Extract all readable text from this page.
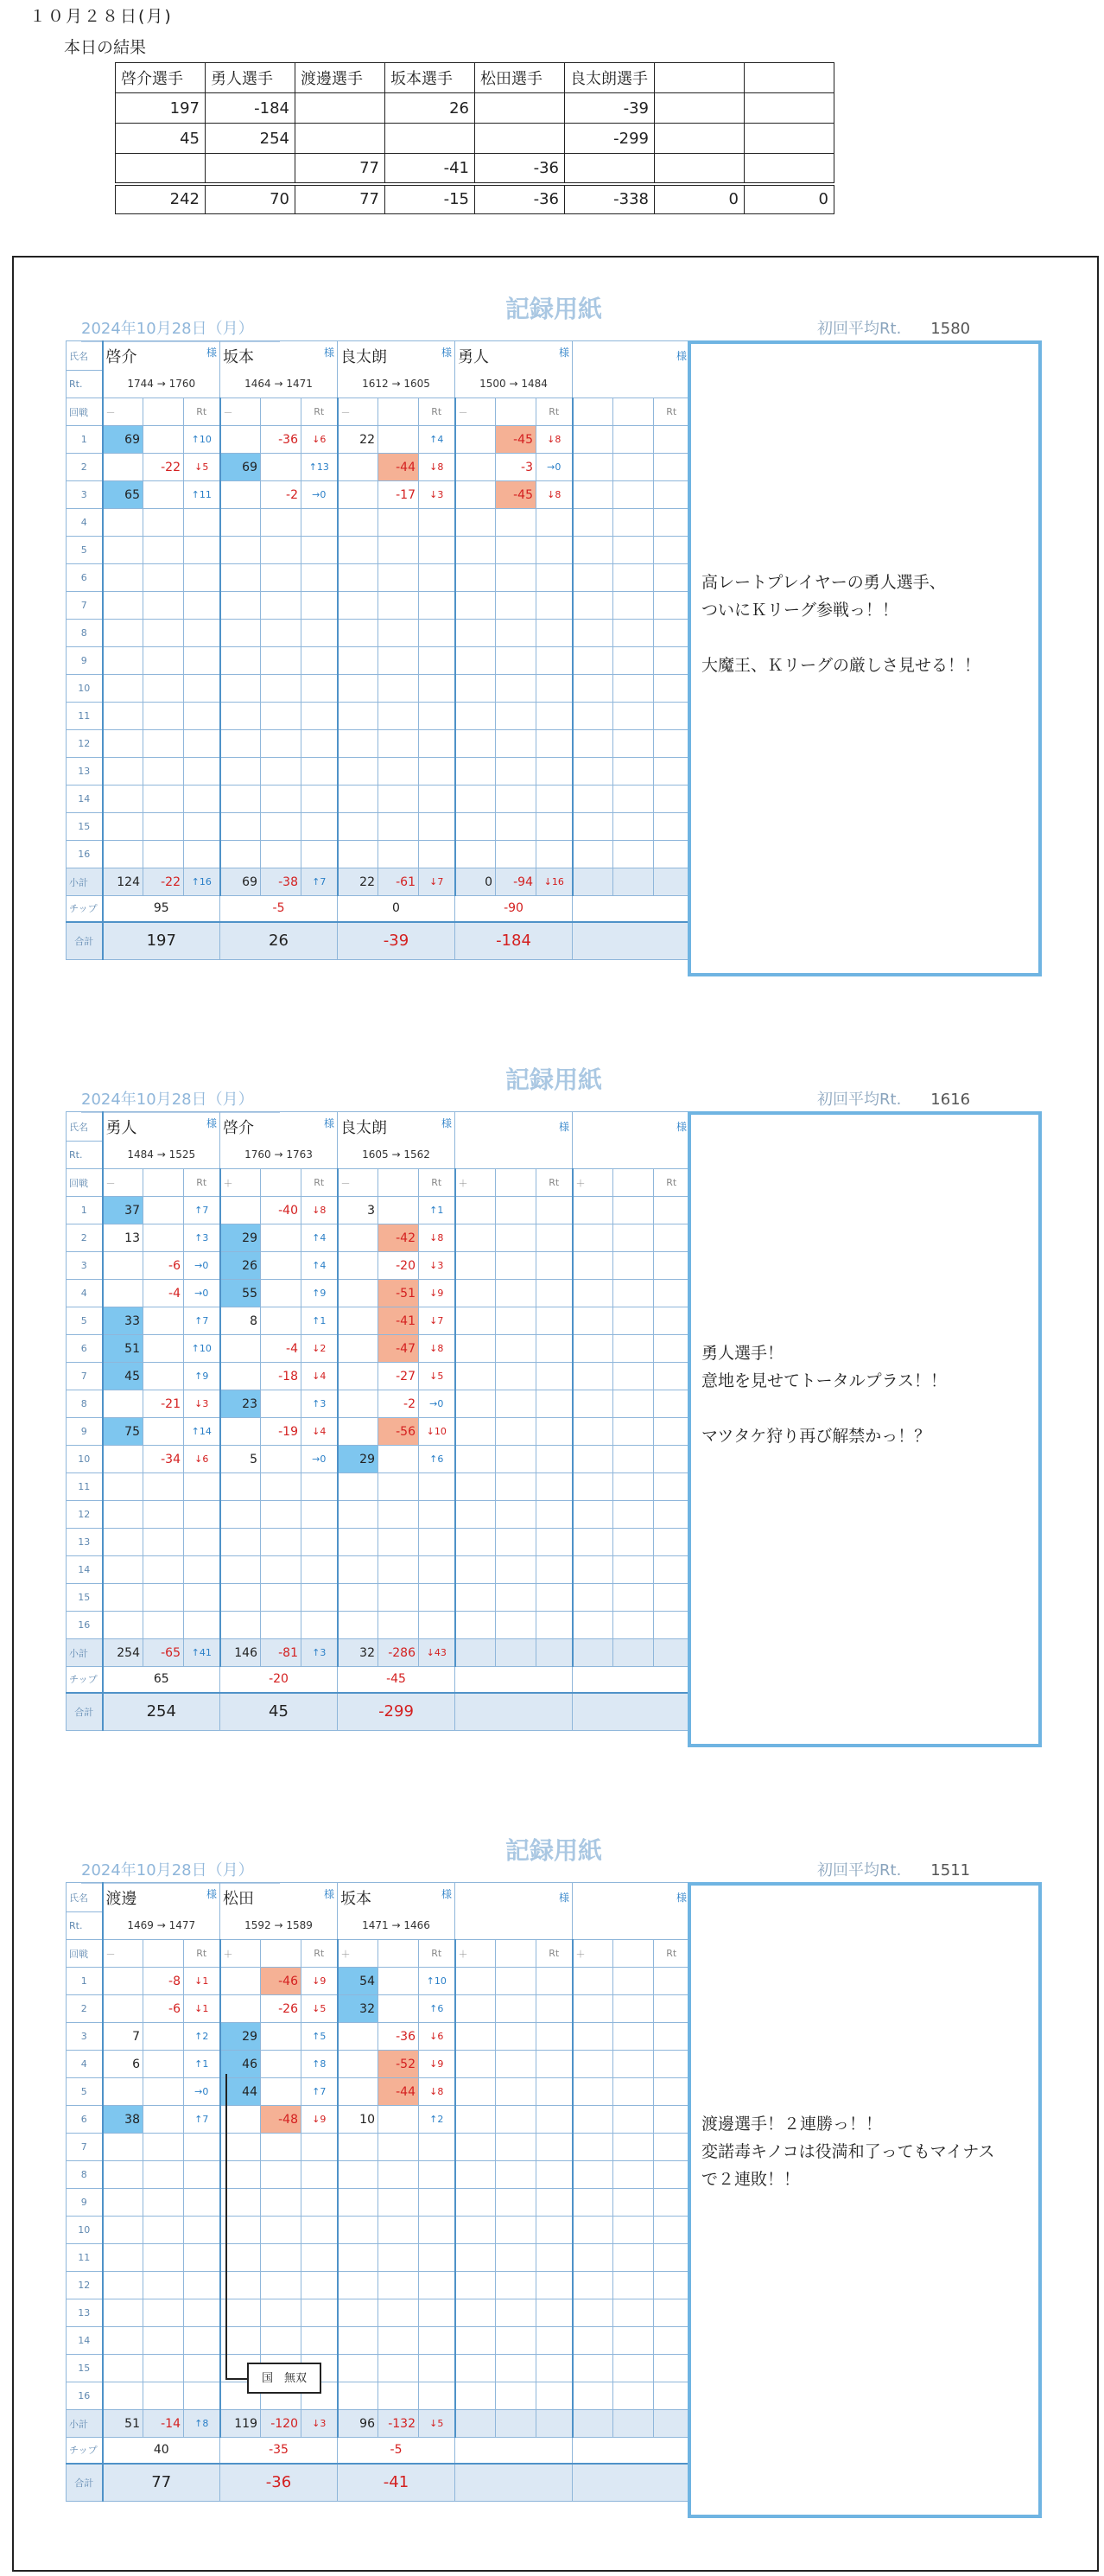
１０月２８日(月)
本日の結果
啓介選手	勇人選手	渡邊選手	坂本選手	松田選手	良太朗選手		
197	-184		26		-39		
45	254				-299		
		77	-41	-36			
242	70	77	-15	-36	-338	0	0
記録用紙
2024年10月28日（月）	初回平均Rt. 1580
氏名	啓介 様			坂本 様			良太朗 様			勇人 様			様		

Rt.	1744 → 1760			1464 → 1471			1612 → 1605			1500 → 1484					
回戦	－		Rt	－		Rt	－		Rt	－		Rt			Rt
1	69		↑10		-36	↓6	22		↑4		-45	↓8			
2		-22	↓5	69		↑13		-44	↓8		-3	→0			
3	65		↑11		-2	→0		-17	↓3		-45	↓8			
4															
5															
6															
7															
8															
9															
10															
11															
12															
13															
14															
15															
16															
小計	124	-22	↑16	69	-38	↑7	22	-61	↓7	0	-94	↓16			
チップ	95			-5			0			-90					
合計	197			26			-39			-184					

高レートプレイヤーの勇人選手、

ついにＫリーグ参戦っ！！

大魔王、Ｋリーグの厳しさ見せる！！

記録用紙
2024年10月28日（月）	初回平均Rt. 1616
氏名	勇人 様			啓介 様			良太朗 様			様			様		

Rt.	1484 → 1525			1760 → 1763			1605 → 1562								
回戦	－		Rt	＋		Rt	－		Rt	＋		Rt	＋		Rt
1	37		↑7		-40	↓8	3		↑1						
2	13		↑3	29		↑4		-42	↓8						
3		-6	→0	26		↑4		-20	↓3						
4		-4	→0	55		↑9		-51	↓9						
5	33		↑7	8		↑1		-41	↓7						
6	51		↑10		-4	↓2		-47	↓8						
7	45		↑9		-18	↓4		-27	↓5						
8		-21	↓3	23		↑3		-2	→0						
9	75		↑14		-19	↓4		-56	↓10						
10		-34	↓6	5		→0	29		↑6						
11															
12															
13															
14															
15															
16															
小計	254	-65	↑41	146	-81	↑3	32	-286	↓43						
チップ	65			-20			-45								
合計	254			45			-299								

勇人選手！

意地を見せてトータルプラス！！

マツタケ狩り再び解禁かっ！？

記録用紙
2024年10月28日（月）	初回平均Rt. 1511
氏名	渡邊 様			松田 様			坂本 様			様			様		

Rt.	1469 → 1477			1592 → 1589			1471 → 1466								
回戦	－		Rt	＋		Rt	＋		Rt	＋		Rt	＋		Rt
1		-8	↓1		-46	↓9	54		↑10						
2		-6	↓1		-26	↓5	32		↑6						
3	7		↑2	29		↑5		-36	↓6						
4	6		↑1	46		↑8		-52	↓9						
5			→0	44		↑7		-44	↓8						
6	38		↑7		-48	↓9	10		↑2						
7															
8															
9															
10															
11															
12															
13															
14															
15															
16															
小計	51	-14	↑8	119	-120	↓3	96	-132	↓5						
チップ	40			-35			-5								
合計	77			-36			-41								

渡邊選手！２連勝っ！！

変諾毒キノコは役満和了ってもマイナス

で２連敗！！

国　無双
